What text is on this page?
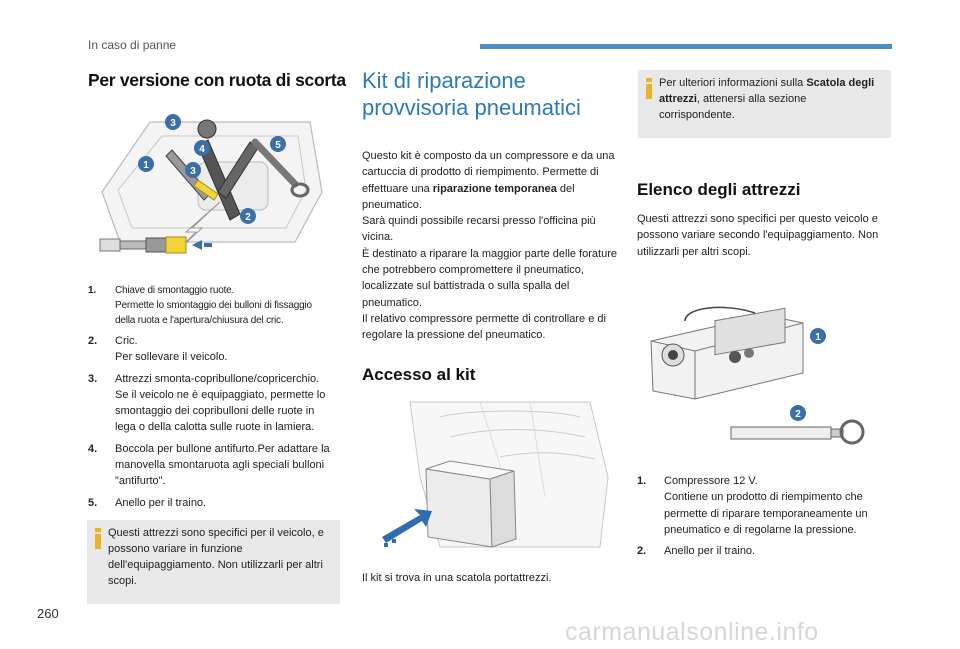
In caso di panne
Per versione con ruota di scorta
3
2
3
4
1
5
1. Chiave di smontaggio ruote.
Permette lo smontaggio dei bulloni di fissaggio della ruota e l'apertura/chiusura del cric.
2. Cric.
Per sollevare il veicolo.
3. Attrezzi smonta-copribullone/copricerchio.
Se il veicolo ne è equipaggiato, permette lo smontaggio dei copribulloni delle ruote in lega o della calotta sulle ruote in lamiera.
4. Boccola per bullone antifurto.Per adattare la manovella smontaruota agli speciali bulloni "antifurto".
5. Anello per il traino.
Questi attrezzi sono specifici per il veicolo, e possono variare in funzione dell'equipaggiamento. Non utilizzarli per altri scopi.
Kit di riparazione
provvisoria pneumatici
Questo kit è composto da un compressore e da una cartuccia di prodotto di riempimento. Permette di effettuare una riparazione temporanea del pneumatico.
Sarà quindi possibile recarsi presso l'officina più vicina.
È destinato a riparare la maggior parte delle forature che potrebbero compromettere il pneumatico, localizzate sul battistrada o sulla spalla del pneumatico.
Il relativo compressore permette di controllare e di regolare la pressione del pneumatico.
Accesso al kit
Il kit si trova in una scatola portattrezzi.
Per ulteriori informazioni sulla Scatola degli attrezzi, attenersi alla sezione corrispondente.
Elenco degli attrezzi
Questi attrezzi sono specifici per questo veicolo e possono variare secondo l'equipaggiamento. Non utilizzarli per altri scopi.
1
2
1. Compressore 12 V.
Contiene un prodotto di riempimento che permette di riparare temporaneamente un pneumatico e di regolarne la pressione.
2. Anello per il traino.
260
carmanualsonline.info
